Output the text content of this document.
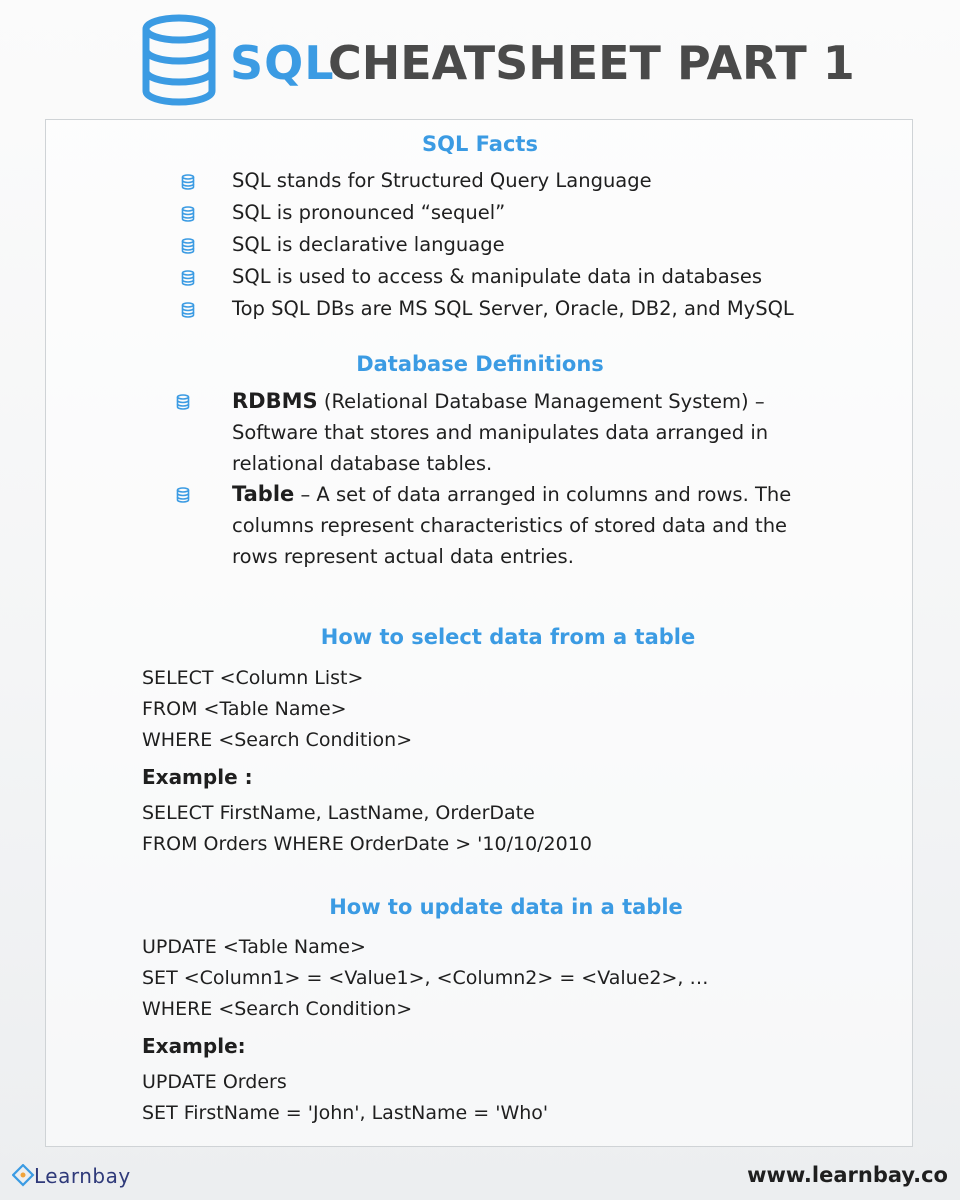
SQL
CHEATSHEET PART 1
SQL Facts
SQL stands for Structured Query Language
SQL is pronounced “sequel”
SQL is declarative language
SQL is used to access & manipulate data in databases
Top SQL DBs are MS SQL Server, Oracle, DB2, and MySQL
Database Definitions
RDBMS (Relational Database Management System) – Software that stores and manipulates data arranged in relational database tables.
Table – A set of data arranged in columns and rows. The columns represent characteristics of stored data and the rows represent actual data entries.
How to select data from a table
SELECT <Column List>
FROM <Table Name>
WHERE <Search Condition>
Example :
SELECT FirstName, LastName, OrderDate
FROM Orders WHERE OrderDate > '10/10/2010
How to update data in a table
UPDATE <Table Name>
SET <Column1> = <Value1>, <Column2> = <Value2>, …
WHERE <Search Condition>
Example:
UPDATE Orders
SET FirstName = 'John', LastName = 'Who'
Learnbay	www.learnbay.co
